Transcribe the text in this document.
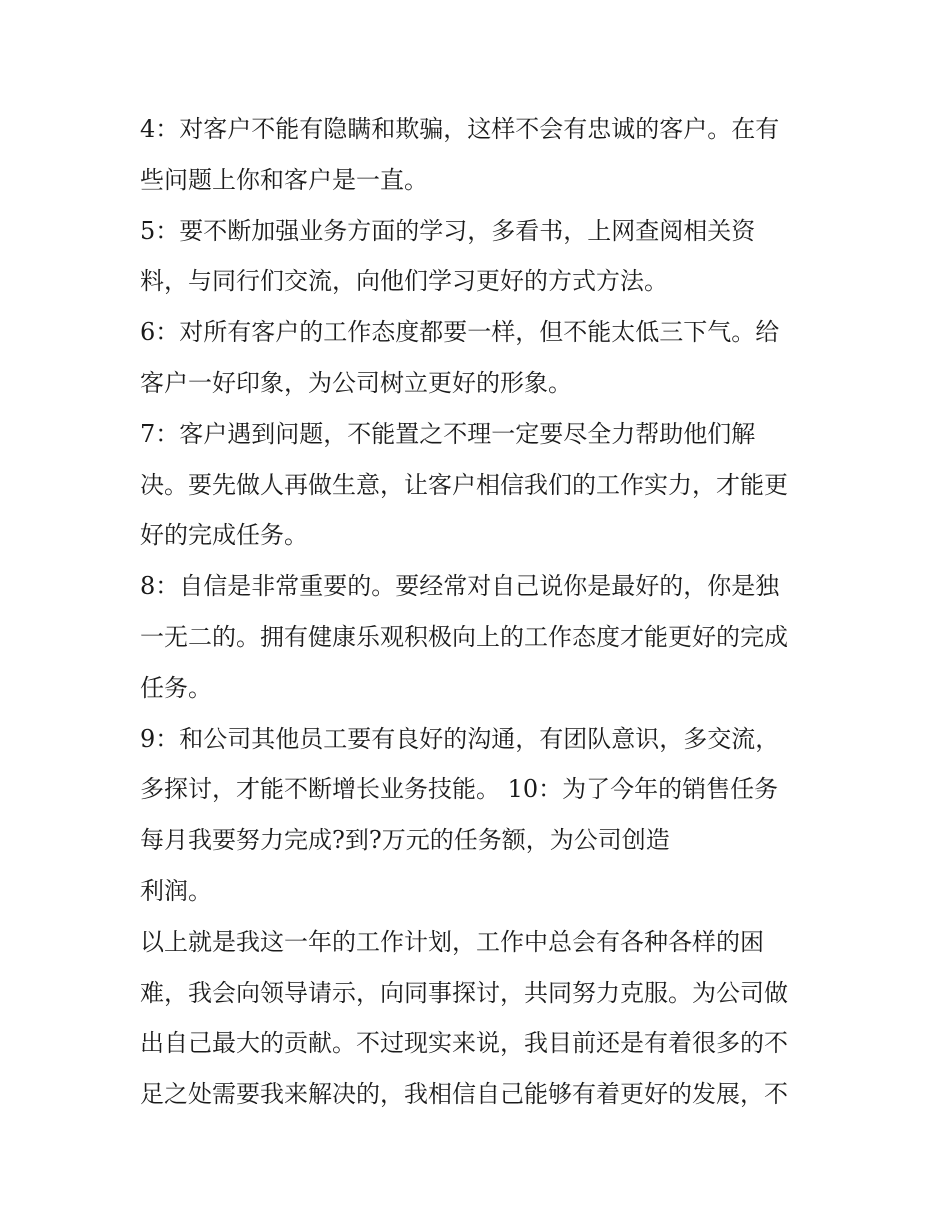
4：对客户不能有隐瞒和欺骗，这样不会有忠诚的客户。在有
些问题上你和客户是一直。
5：要不断加强业务方面的学习，多看书，上网查阅相关资
料，与同行们交流，向他们学习更好的方式方法。
6：对所有客户的工作态度都要一样，但不能太低三下气。给
客户一好印象，为公司树立更好的形象。
7：客户遇到问题，不能置之不理一定要尽全力帮助他们解
决。要先做人再做生意，让客户相信我们的工作实力，才能更
好的完成任务。
8：自信是非常重要的。要经常对自己说你是最好的，你是独
一无二的。拥有健康乐观积极向上的工作态度才能更好的完成
任务。
9：和公司其他员工要有良好的沟通，有团队意识，多交流，
多探讨，才能不断增长业务技能。 10：为了今年的销售任务
每月我要努力完成?到?万元的任务额，为公司创造
利润。
以上就是我这一年的工作计划，工作中总会有各种各样的困
难，我会向领导请示，向同事探讨，共同努力克服。为公司做
出自己最大的贡献。不过现实来说，我目前还是有着很多的不
足之处需要我来解决的，我相信自己能够有着更好的发展，不
